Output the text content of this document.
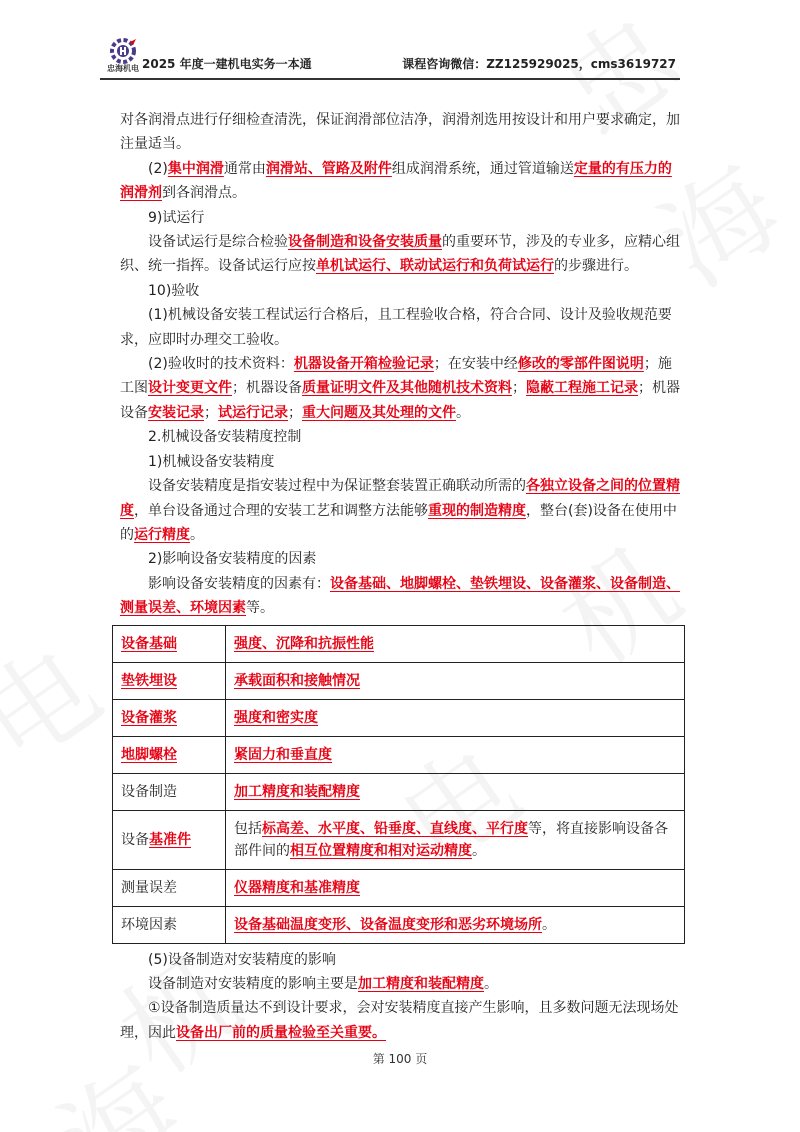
忠海机电 2025 年度一建机电实务一本通	课程咨询微信：ZZ125929025，cms3619727

对各润滑点进行仔细检查清洗，保证润滑部位洁净，润滑剂选用按设计和用户要求确定，加注量适当。

(2)集中润滑通常由润滑站、管路及附件组成润滑系统，通过管道输送定量的有压力的润滑剂到各润滑点。

9)试运行

设备试运行是综合检验设备制造和设备安装质量的重要环节，涉及的专业多，应精心组织、统一指挥。设备试运行应按单机试运行、联动试运行和负荷试运行的步骤进行。

10)验收

(1)机械设备安装工程试运行合格后，且工程验收合格，符合合同、设计及验收规范要求，应即时办理交工验收。

(2)验收时的技术资料：机器设备开箱检验记录；在安装中经修改的零部件图说明；施工图设计变更文件；机器设备质量证明文件及其他随机技术资料；隐蔽工程施工记录；机器设备安装记录；试运行记录；重大问题及其处理的文件。

2.机械设备安装精度控制

1)机械设备安装精度

设备安装精度是指安装过程中为保证整套装置正确联动所需的各独立设备之间的位置精度，单台设备通过合理的安装工艺和调整方法能够重现的制造精度，整台(套)设备在使用中的运行精度。

2)影响设备安装精度的因素

影响设备安装精度的因素有：设备基础、地脚螺栓、垫铁埋设、设备灌浆、设备制造、测量误差、环境因素等。

设备基础	强度、沉降和抗振性能
垫铁埋设	承载面积和接触情况
设备灌浆	强度和密实度
地脚螺栓	紧固力和垂直度
设备制造	加工精度和装配精度
设备基准件	包括标高差、水平度、铅垂度、直线度、平行度等，将直接影响设备各部件间的相互位置精度和相对运动精度。
测量误差	仪器精度和基准精度
环境因素	设备基础温度变形、设备温度变形和恶劣环境场所。

(5)设备制造对安装精度的影响

设备制造对安装精度的影响主要是加工精度和装配精度。

①设备制造质量达不到设计要求，会对安装精度直接产生影响，且多数问题无法现场处理，因此设备出厂前的质量检验至关重要。

第 100 页
